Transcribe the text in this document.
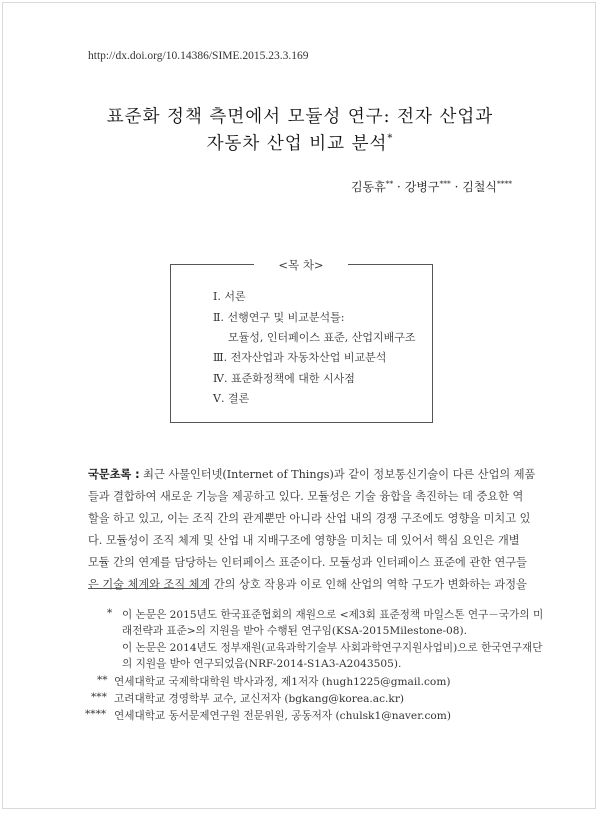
http://dx.doi.org/10.14386/SIME.2015.23.3.169
표준화 정책 측면에서 모듈성 연구: 전자 산업과
자동차 산업 비교 분석*
김동휴** · 강병구*** · 김철식****
<목 차>
Ⅰ. 서론
Ⅱ. 선행연구 및 비교분석틀:
모듈성, 인터페이스 표준, 산업지배구조
Ⅲ. 전자산업과 자동차산업 비교분석
Ⅳ. 표준화정책에 대한 시사점
Ⅴ. 결론
국문초록 : 최근 사물인터넷(Internet of Things)과 같이 정보통신기술이 다른 산업의 제품
들과 결합하여 새로운 기능을 제공하고 있다. 모듈성은 기술 융합을 촉진하는 데 중요한 역
할을 하고 있고, 이는 조직 간의 관계뿐만 아니라 산업 내의 경쟁 구조에도 영향을 미치고 있
다. 모듈성이 조직 체계 및 산업 내 지배구조에 영향을 미치는 데 있어서 핵심 요인은 개별
모듈 간의 연계를 담당하는 인터페이스 표준이다. 모듈성과 인터페이스 표준에 관한 연구들
은 기술 체계와 조직 체계 간의 상호 작용과 이로 인해 산업의 역학 구도가 변화하는 과정을
* 이 논문은 2015년도 한국표준협회의 재원으로 <제3회 표준정책 마일스톤 연구－국가의 미
래전략과 표준>의 지원을 받아 수행된 연구임(KSA-2015Milestone-08).
이 논문은 2014년도 정부재원(교육과학기술부 사회과학연구지원사업비)으로 한국연구재단
의 지원을 받아 연구되었음(NRF-2014-S1A3-A2043505).
** 연세대학교 국제학대학원 박사과정, 제1저자 (hugh1225@gmail.com)
*** 고려대학교 경영학부 교수, 교신저자 (bgkang@korea.ac.kr)
**** 연세대학교 동서문제연구원 전문위원, 공동저자 (chulsk1@naver.com)
